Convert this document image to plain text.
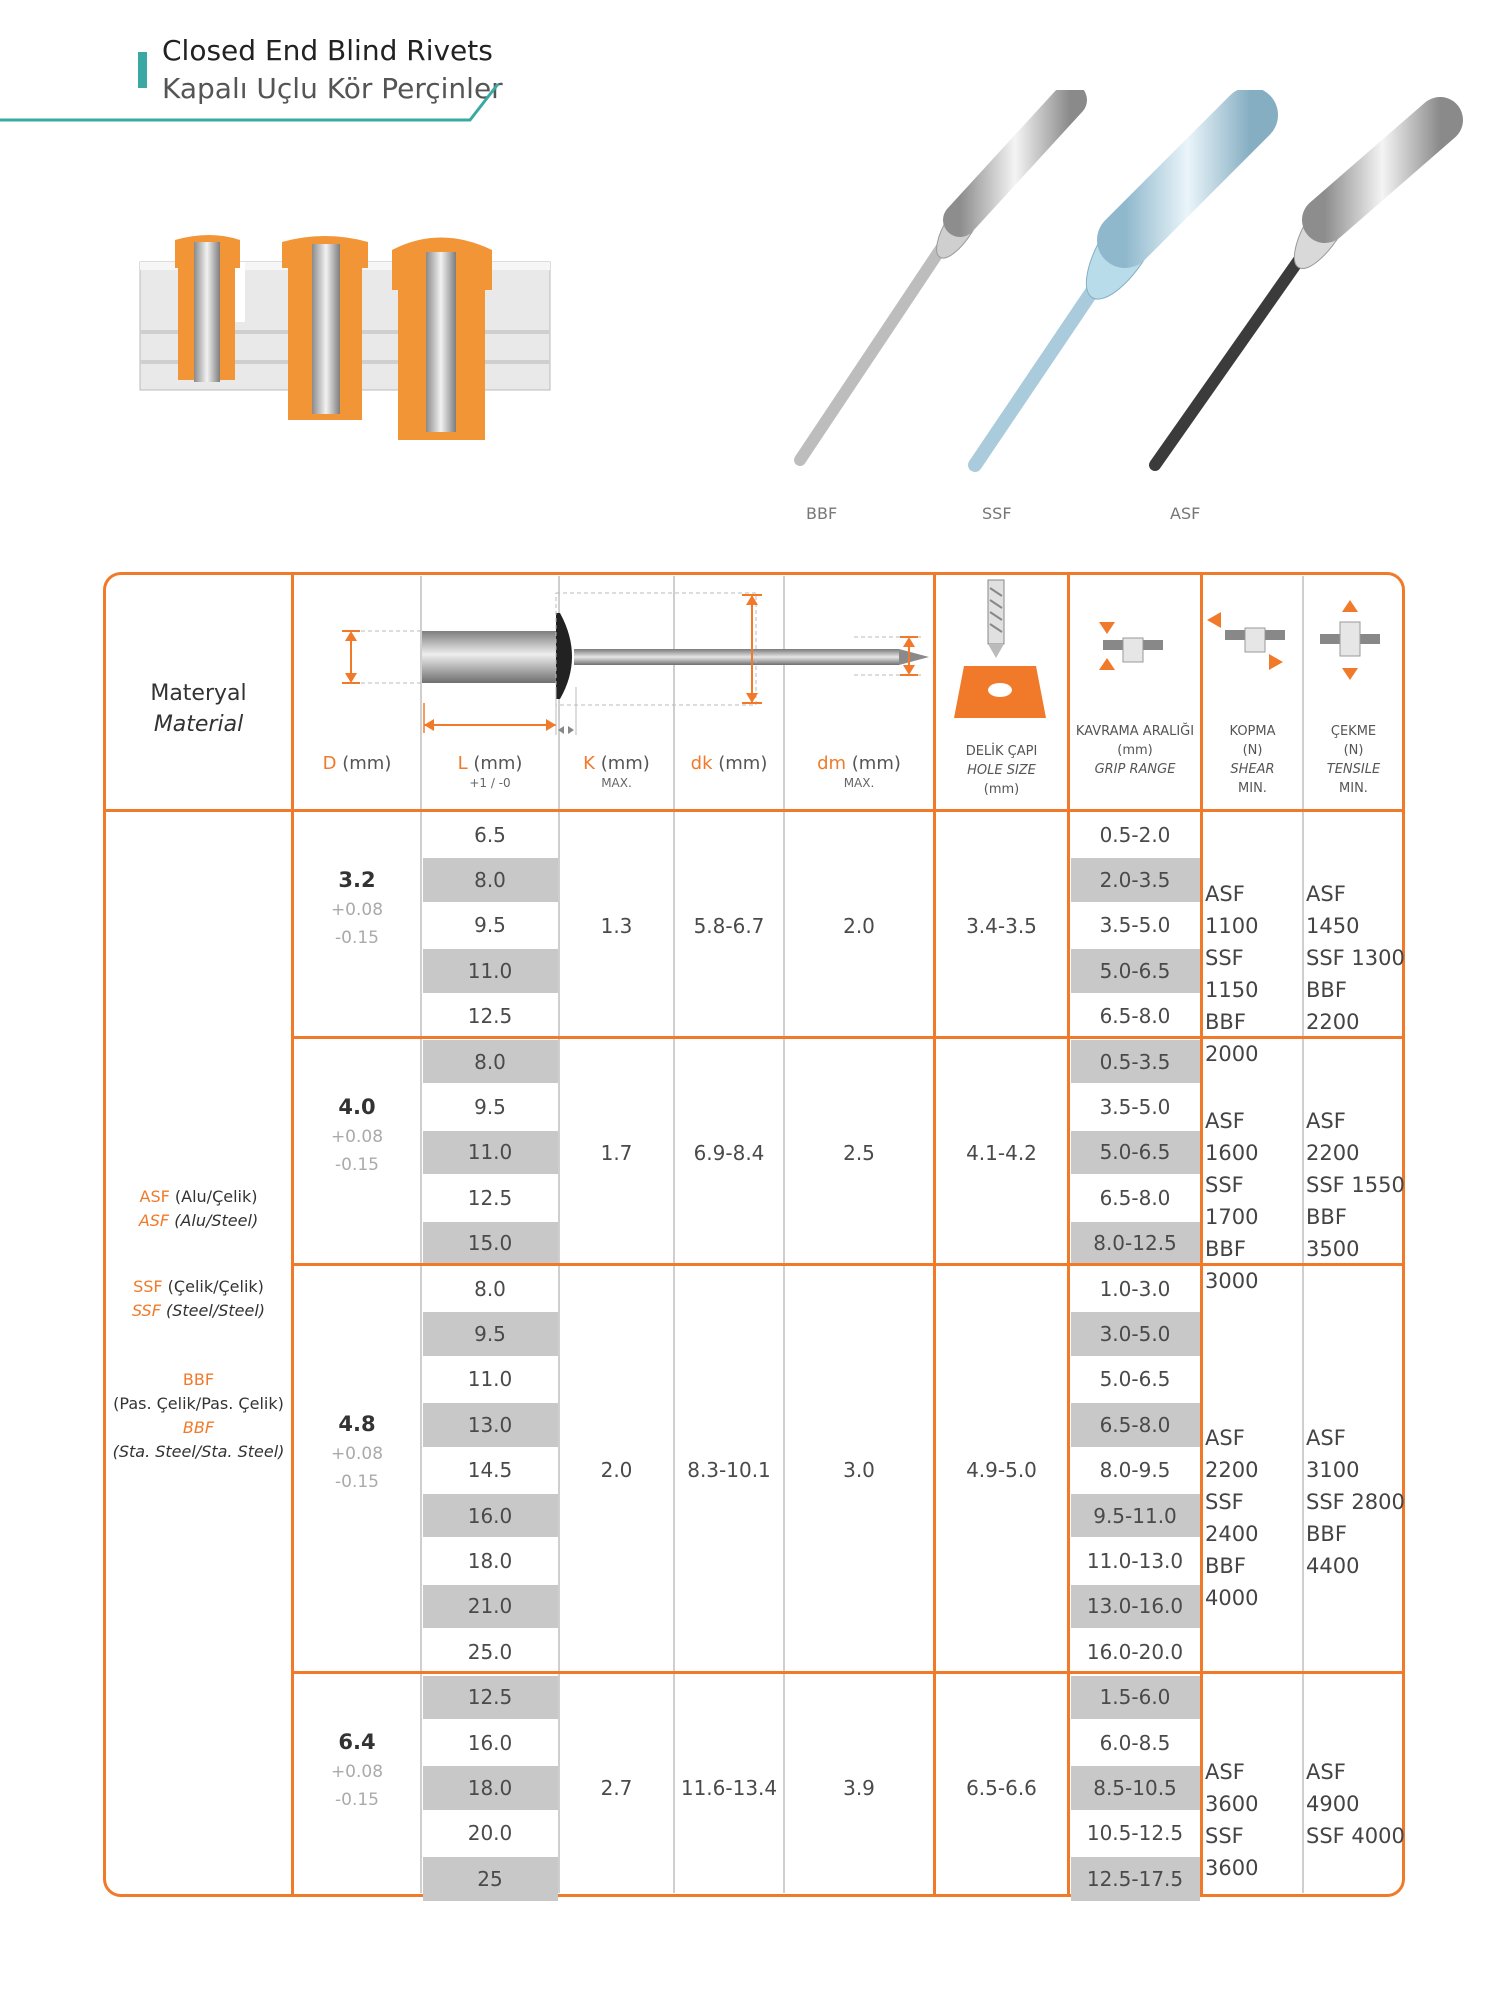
Closed End Blind Rivets
Kapalı Uçlu Kör Perçinler
BBF	SSF	ASF
Materyal
Material
D (mm)	L (mm)
+1 / -0
K (mm)
MAX.
dk (mm)	dm (mm)
MAX.
DELİK ÇAPI
HOLE SIZE
(mm)
KAVRAMA ARALIĞI
(mm)
GRIP RANGE
KOPMA
(N)
SHEAR
MIN.
ÇEKME
(N)
TENSILE
MIN.
ASF (Alu/Çelik)
ASF (Alu/Steel)
SSF (Çelik/Çelik)
SSF (Steel/Steel)
BBF
(Pas. Çelik/Pas. Çelik)
BBF
(Sta. Steel/Sta. Steel)
6.5	0.5-2.0
8.0	2.0-3.5
9.5	3.5-5.0
11.0	5.0-6.5
12.5	6.5-8.0
1.3	5.8-6.7	2.0	3.4-3.5
3.2
+0.08
-0.15
ASF 1100
SSF 1150
BBF 2000
ASF 1450
SSF 1300
BBF 2200
8.0	0.5-3.5
9.5	3.5-5.0
11.0	5.0-6.5
12.5	6.5-8.0
15.0	8.0-12.5
1.7	6.9-8.4	2.5	4.1-4.2
4.0
+0.08
-0.15
ASF 1600
SSF 1700
BBF 3000
ASF 2200
SSF 1550
BBF 3500
8.0	1.0-3.0
9.5	3.0-5.0
11.0	5.0-6.5
13.0	6.5-8.0
14.5	8.0-9.5
16.0	9.5-11.0
18.0	11.0-13.0
21.0	13.0-16.0
25.0	16.0-20.0
2.0	8.3-10.1	3.0	4.9-5.0
4.8
+0.08
-0.15
ASF 2200
SSF 2400
BBF 4000
ASF 3100
SSF 2800
BBF 4400
12.5	1.5-6.0
16.0	6.0-8.5
18.0	8.5-10.5
20.0	10.5-12.5
25	12.5-17.5
2.7	11.6-13.4	3.9	6.5-6.6
6.4
+0.08
-0.15
ASF 3600
SSF 3600
ASF 4900
SSF 4000
